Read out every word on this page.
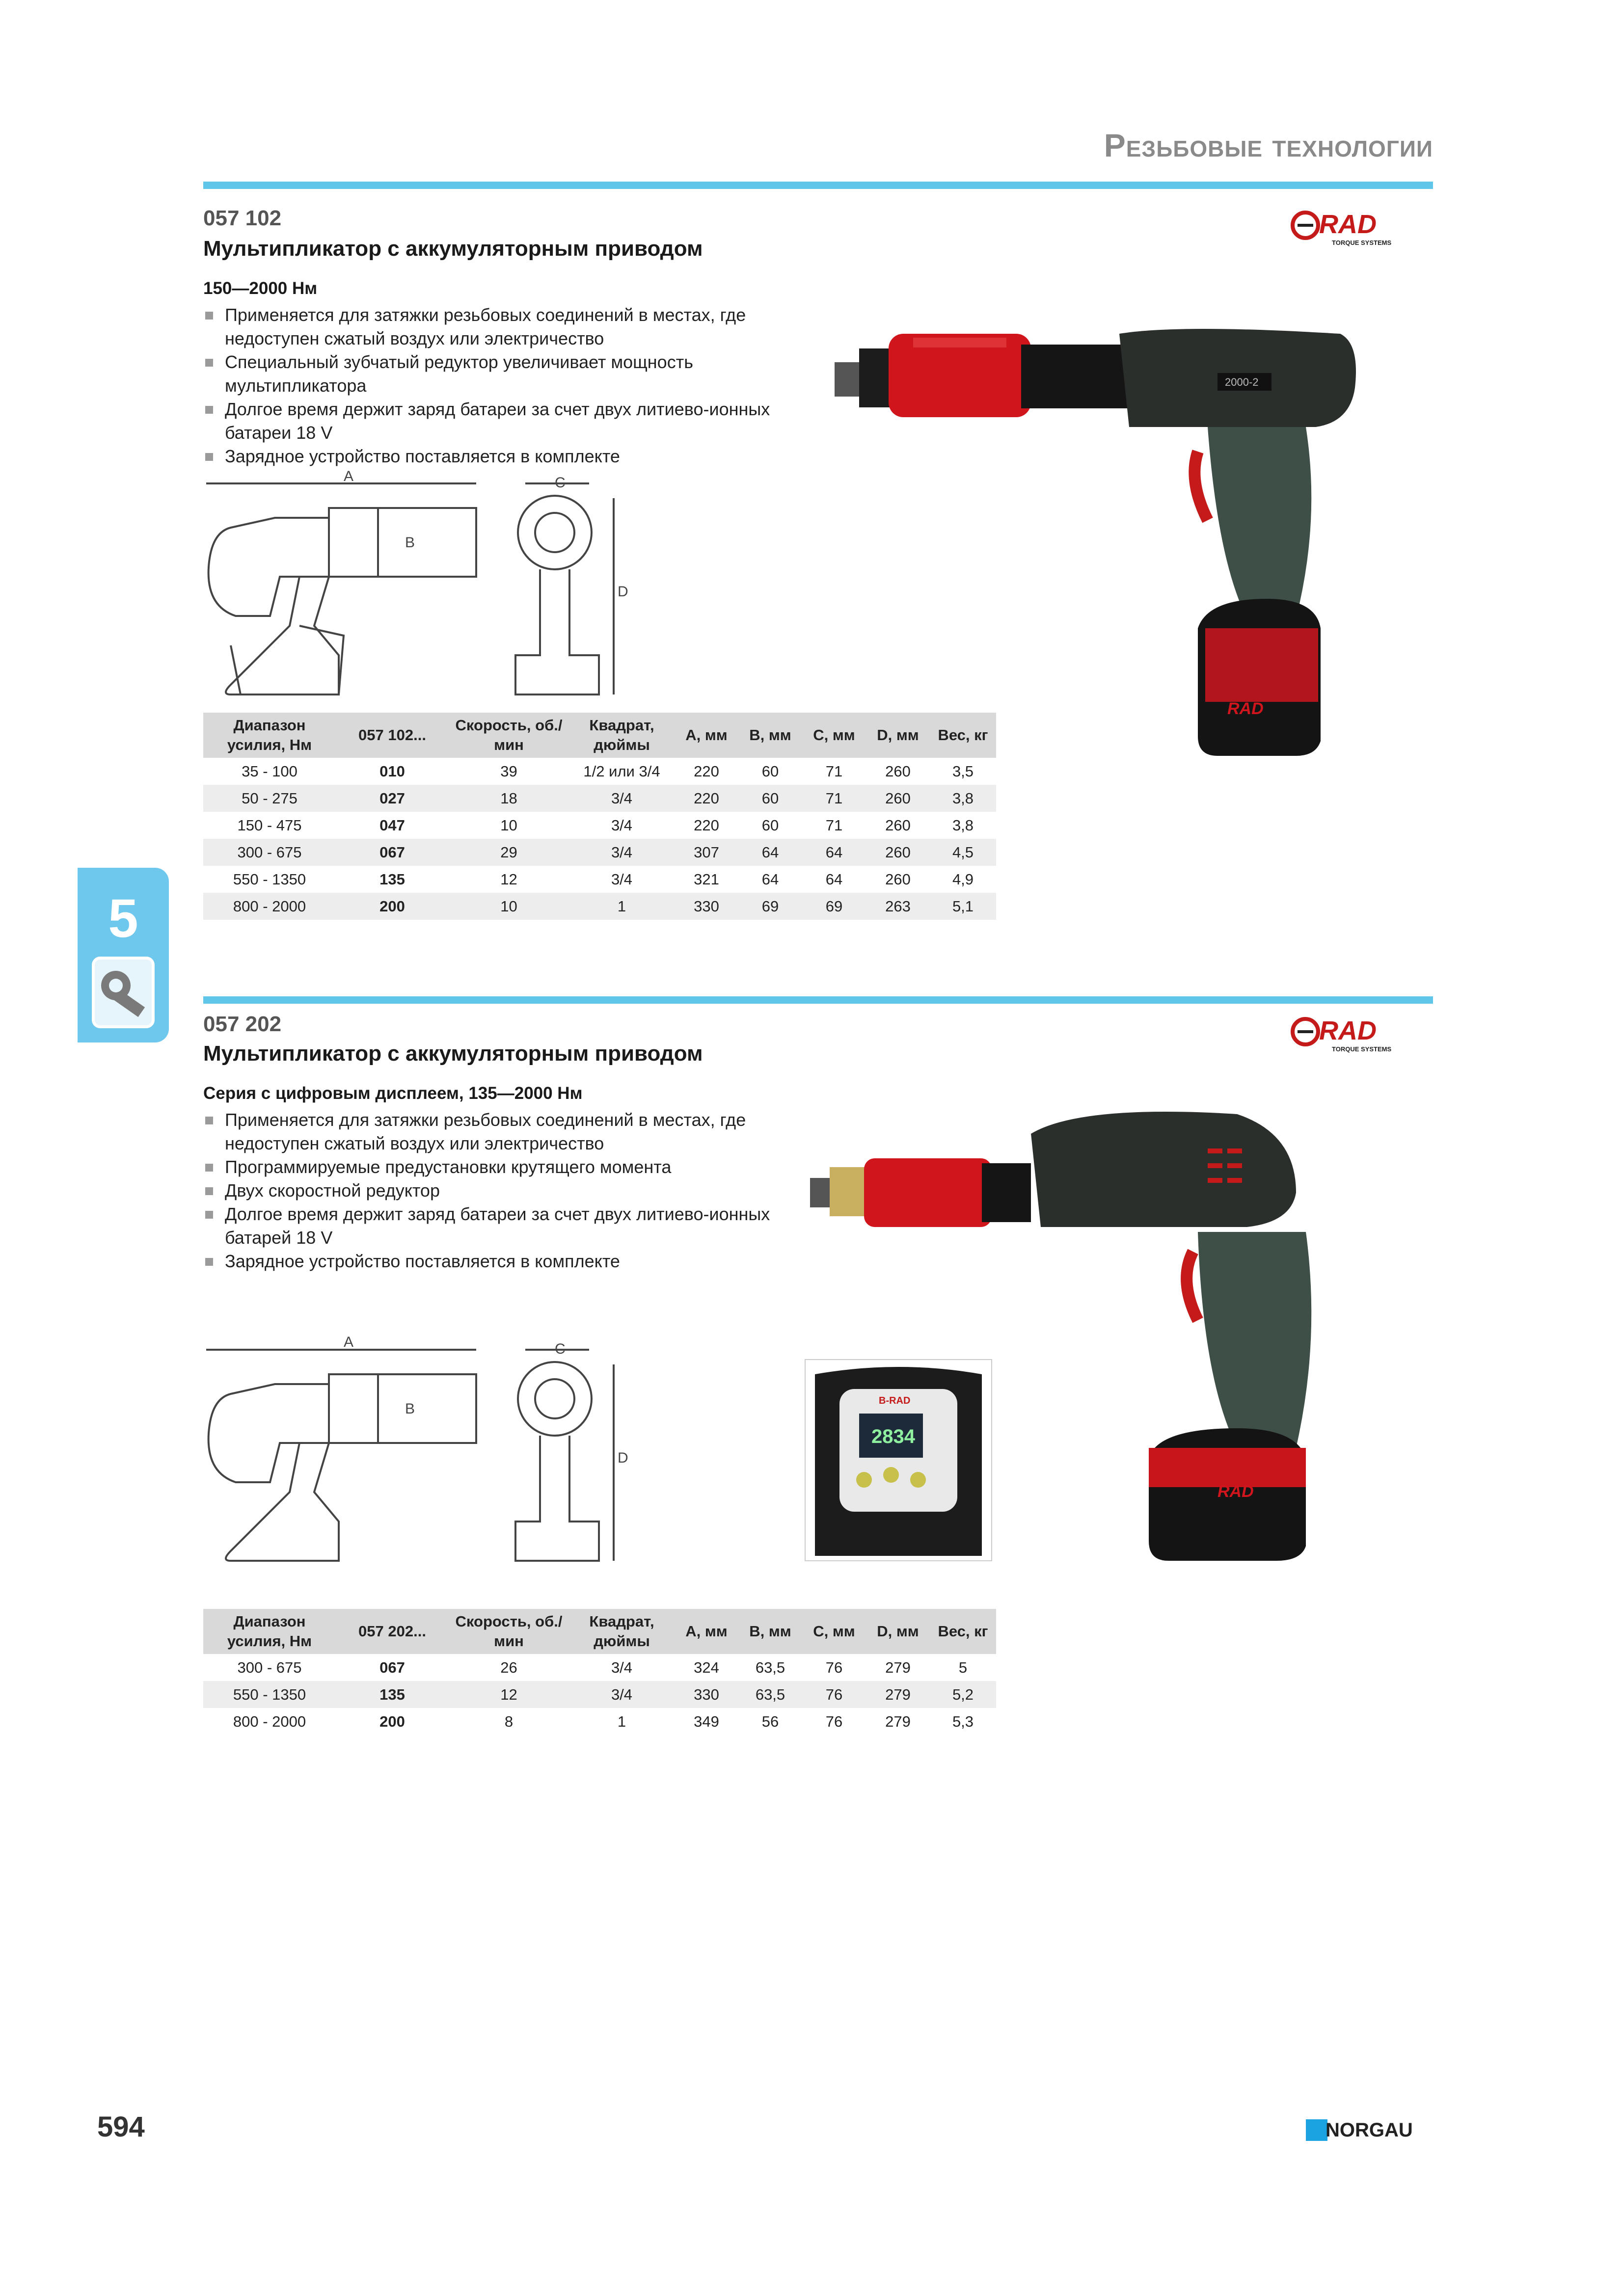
Резьбовые технологии
057 102
Мультипликатор с аккумуляторным приводом
150—2000 Нм
Применяется для затяжки резьбовых соединений в местах, где недоступен сжатый воздух или электричество
Специальный зубчатый редуктор увеличивает мощность мультипликатора
Долгое время держит заряд батареи за счет двух литиево-ионных батареи 18 V
Зарядное устройство поставляется в комплекте
RAD
TORQUE SYSTEMS
2000-2
RAD
A
B
C
D
Диапазон усилия, Нм	057 102...	Скорость, об./мин	Квадрат, дюймы	A, мм	B, мм	C, мм	D, мм	Вес, кг
35 - 100	010	39	1/2 или 3/4	220	60	71	260	3,5
50 - 275	027	18	3/4	220	60	71	260	3,8
150 - 475	047	10	3/4	220	60	71	260	3,8
300 - 675	067	29	3/4	307	64	64	260	4,5
550 - 1350	135	12	3/4	321	64	64	260	4,9
800 - 2000	200	10	1	330	69	69	263	5,1
5
057 202
Мультипликатор с аккумуляторным приводом
Серия с цифровым дисплеем, 135—2000 Нм
Применяется для затяжки резьбовых соединений в местах, где недоступен сжатый воздух или электричество
Программируемые предустановки крутящего момента
Двух скоростной редуктор
Долгое время держит заряд батареи за счет двух литиево-ионных батарей 18 V
Зарядное устройство поставляется в комплекте
RAD
TORQUE SYSTEMS
RAD
B-RAD
2834
A
B
C
D
Диапазон усилия, Нм	057 202...	Скорость, об./мин	Квадрат, дюймы	A, мм	B, мм	C, мм	D, мм	Вес, кг
300 - 675	067	26	3/4	324	63,5	76	279	5
550 - 1350	135	12	3/4	330	63,5	76	279	5,2
800 - 2000	200	8	1	349	56	76	279	5,3
594	NORGAU
